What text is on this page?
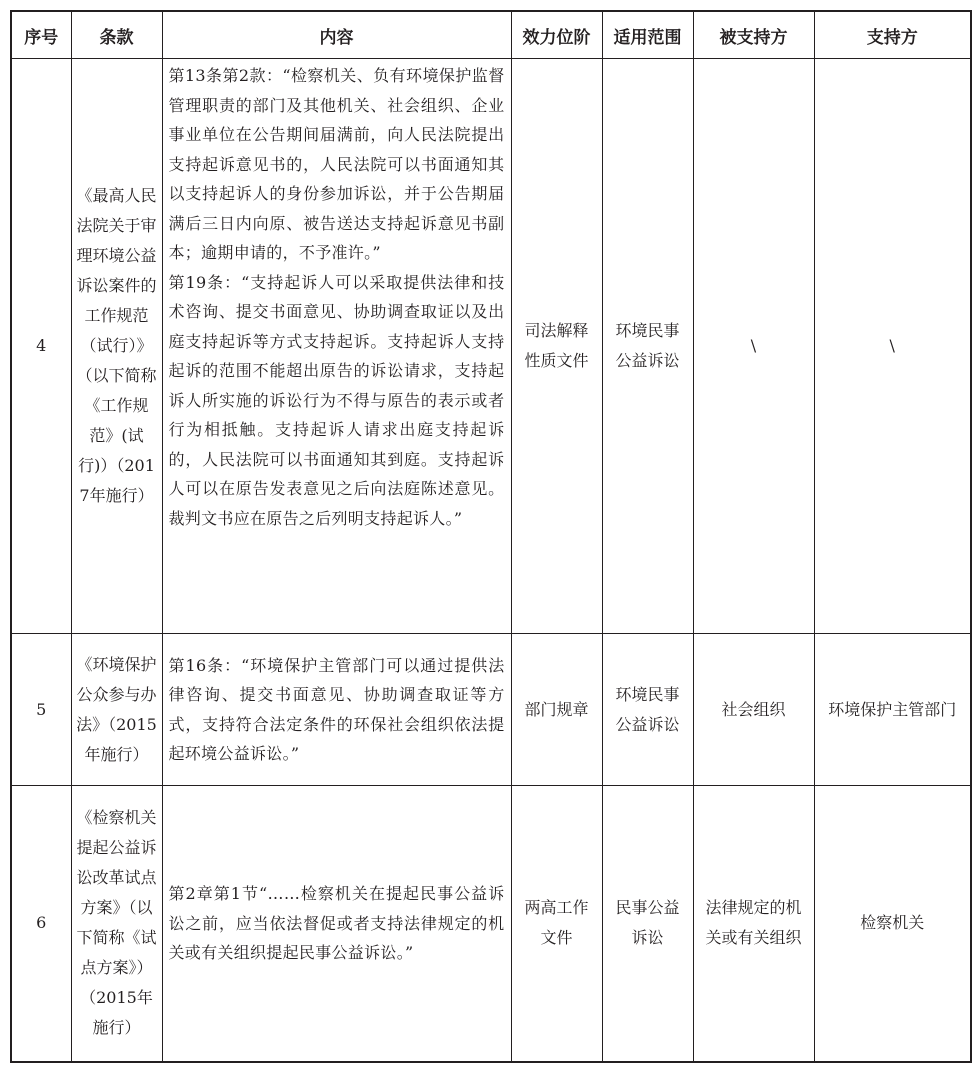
序号	条款	内容	效力位阶	适用范围	被支持方	支持方
4	《最高人民法院关于审理环境公益诉讼案件的工作规范（试行）》（以下简称《工作规范》(试行)）（2017年施行）	第13条第2款：“检察机关、负有环境保护监督管理职责的部门及其他机关、社会组织、企业事业单位在公告期间届满前，向人民法院提出支持起诉意见书的，人民法院可以书面通知其以支持起诉人的身份参加诉讼，并于公告期届满后三日内向原、被告送达支持起诉意见书副本；逾期申请的，不予准许。”
第19条：“支持起诉人可以采取提供法律和技术咨询、提交书面意见、协助调查取证以及出庭支持起诉等方式支持起诉。支持起诉人支持起诉的范围不能超出原告的诉讼请求，支持起诉人所实施的诉讼行为不得与原告的表示或者行为相抵触。支持起诉人请求出庭支持起诉的，人民法院可以书面通知其到庭。支持起诉人可以在原告发表意见之后向法庭陈述意见。裁判文书应在原告之后列明支持起诉人。”	司法解释性质文件	环境民事公益诉讼	\	\
5	《环境保护公众参与办法》（2015年施行）	第16条：“环境保护主管部门可以通过提供法律咨询、提交书面意见、协助调查取证等方式，支持符合法定条件的环保社会组织依法提起环境公益诉讼。”	部门规章	环境民事公益诉讼	社会组织	环境保护主管部门
6	《检察机关提起公益诉讼改革试点方案》（以下简称《试点方案》）（2015年施行）	第2章第1节“……检察机关在提起民事公益诉讼之前，应当依法督促或者支持法律规定的机关或有关组织提起民事公益诉讼。”	两高工作文件	民事公益诉讼	法律规定的机关或有关组织	检察机关
